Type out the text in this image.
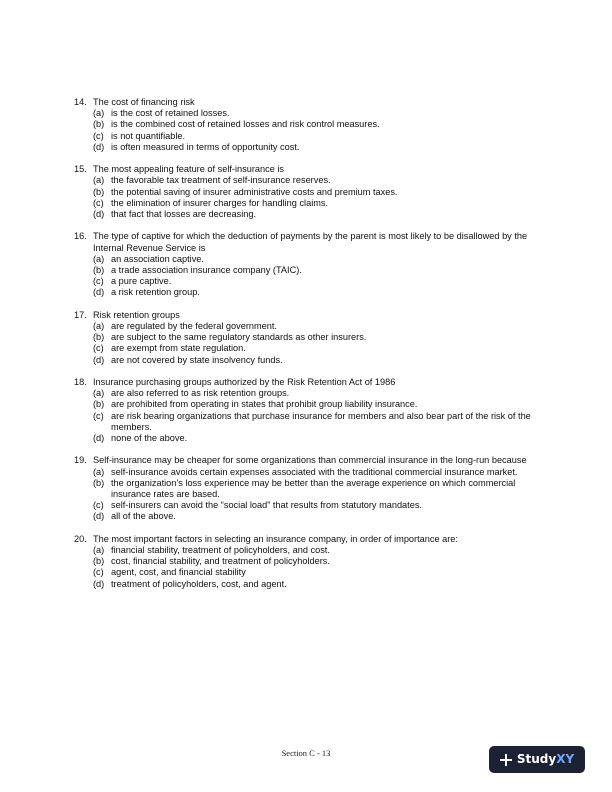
14. The cost of financing risk
(a) is the cost of retained losses.
(b) is the combined cost of retained losses and risk control measures.
(c) is not quantifiable.
(d) is often measured in terms of opportunity cost.
15. The most appealing feature of self-insurance is
(a) the favorable tax treatment of self-insurance reserves.
(b) the potential saving of insurer administrative costs and premium taxes.
(c) the elimination of insurer charges for handling claims.
(d) that fact that losses are decreasing.
16. The type of captive for which the deduction of payments by the parent is most likely to be disallowed by the Internal Revenue Service is
(a) an association captive.
(b) a trade association insurance company (TAIC).
(c) a pure captive.
(d) a risk retention group.
17. Risk retention groups
(a) are regulated by the federal government.
(b) are subject to the same regulatory standards as other insurers.
(c) are exempt from state regulation.
(d) are not covered by state insolvency funds.
18. Insurance purchasing groups authorized by the Risk Retention Act of 1986
(a) are also referred to as risk retention groups.
(b) are prohibited from operating in states that prohibit group liability insurance.
(c) are risk bearing organizations that purchase insurance for members and also bear part of the risk of the members.
(d) none of the above.
19. Self-insurance may be cheaper for some organizations than commercial insurance in the long-run because
(a) self-insurance avoids certain expenses associated with the traditional commercial insurance market.
(b) the organization’s loss experience may be better than the average experience on which commercial insurance rates are based.
(c) self-insurers can avoid the “social load” that results from statutory mandates.
(d) all of the above.
20. The most important factors in selecting an insurance company, in order of importance are:
(a) financial stability, treatment of policyholders, and cost.
(b) cost, financial stability, and treatment of policyholders.
(c) agent, cost, and financial stability
(d) treatment of policyholders, cost, and agent.
Section C - 13	Study XY
